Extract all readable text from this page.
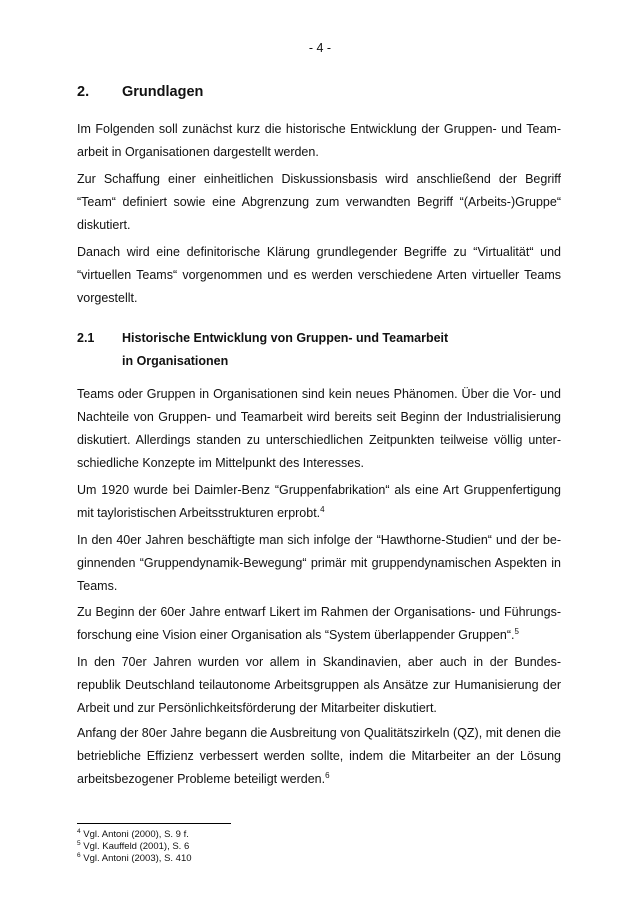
- 4 -
2. Grundlagen

Im Folgenden soll zunächst kurz die historische Entwicklung der Gruppen- und Team-arbeit in Organisationen dargestellt werden.

Zur Schaffung einer einheitlichen Diskussionsbasis wird anschließend der Begriff “Team“ definiert sowie eine Abgrenzung zum verwandten Begriff “(Arbeits-)Gruppe“ diskutiert.

Danach wird eine definitorische Klärung grundlegender Begriffe zu “Virtualität“ und “virtuellen Teams“ vorgenommen und es werden verschiedene Arten virtueller Teams vorgestellt.

2.1 Historische Entwicklung von Gruppen- und Teamarbeit
in Organisationen

Teams oder Gruppen in Organisationen sind kein neues Phänomen. Über die Vor- und Nachteile von Gruppen- und Teamarbeit wird bereits seit Beginn der Industrialisierung diskutiert. Allerdings standen zu unterschiedlichen Zeitpunkten teilweise völlig unter-schiedliche Konzepte im Mittelpunkt des Interesses.

Um 1920 wurde bei Daimler-Benz “Gruppenfabrikation“ als eine Art Gruppenfertigung mit tayloristischen Arbeitsstrukturen erprobt.$^4$

In den 40er Jahren beschäftigte man sich infolge der “Hawthorne-Studien“ und der be-ginnenden “Gruppendynamik-Bewegung“ primär mit gruppendynamischen Aspekten in Teams.

Zu Beginn der 60er Jahre entwarf Likert im Rahmen der Organisations- und Führungs-forschung eine Vision einer Organisation als “System überlappender Gruppen“.$^5$

In den 70er Jahren wurden vor allem in Skandinavien, aber auch in der Bundes-republik Deutschland teilautonome Arbeitsgruppen als Ansätze zur Humanisierung der Arbeit und zur Persönlichkeitsförderung der Mitarbeiter diskutiert.

Anfang der 80er Jahre begann die Ausbreitung von Qualitätszirkeln (QZ), mit denen die betriebliche Effizienz verbessert werden sollte, indem die Mitarbeiter an der Lösung arbeitsbezogener Probleme beteiligt werden.$^6$

$^4$ Vgl. Antoni (2000), S. 9 f.
$^5$ Vgl. Kauffeld (2001), S. 6
$^6$ Vgl. Antoni (2003), S. 410
